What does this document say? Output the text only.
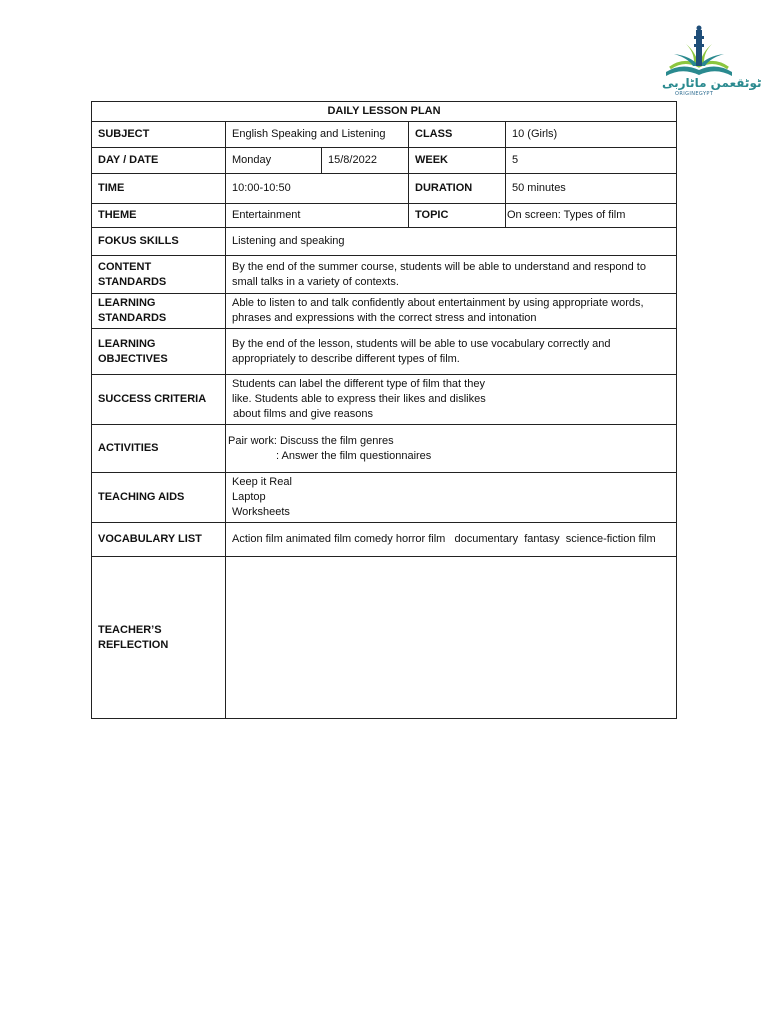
ٹوٹقعمن ماٹاربی
ORIGINEGYPT
DAILY LESSON PLAN				
SUBJECT	English Speaking and Listening		CLASS	10 (Girls)
DAY / DATE	Monday	15/8/2022	WEEK	5
TIME	10:00-10:50		DURATION	50 minutes
THEME	Entertainment		TOPIC	On screen: Types of film
FOKUS SKILLS	Listening and speaking			
CONTENT STANDARDS	By the end of the summer course, students will be able to understand and respond to small talks in a variety of contexts.			
LEARNING STANDARDS	Able to listen to and talk confidently about entertainment by using appropriate words, phrases and expressions with the correct stress and intonation			
LEARNING OBJECTIVES	By the end of the lesson, students will be able to use vocabulary correctly and appropriately to describe different types of film.			
SUCCESS CRITERIA	Students can label the different type of film that they
like. Students able to express their likes and dislikes
about films and give reasons			

ACTIVITIES	Pair work: Discuss the film genres
: Answer the film questionnaires			

TEACHING AIDS	Keep it Real
Laptop
Worksheets			

VOCABULARY LIST	Action film animated film comedy horror film   documentary  fantasy  science-fiction film			
TEACHER’S REFLECTION				
